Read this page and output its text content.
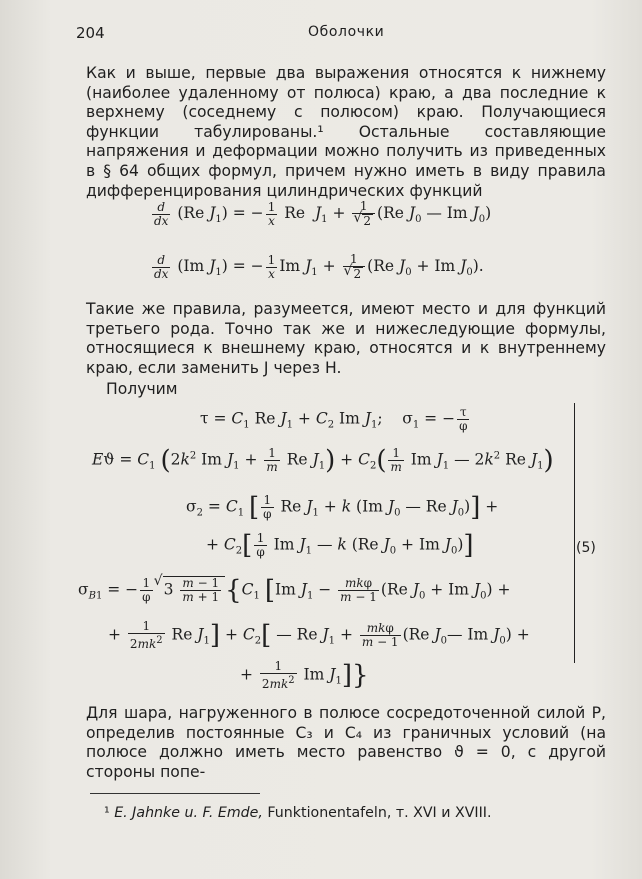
204	Оболочки
Как и выше, первые два выражения относятся к нижнему (наиболее удаленному от полюса) краю, а два последние к верхнему (соседнему с полюсом) краю. Получающиеся функции табулированы.¹ Остальные составляющие напряжения и деформации можно получить из приведенных в § 64 общих формул, причем нужно иметь в виду правила дифференцирования цилиндрических функций
$\frac{d}{dx} (Re$ $J_1$) = − $\frac{1}{x}$ Re  $J_1 + 1$
√ 2 (Re $J_0$ — Im $J_0$)
$\frac{d}{dx} (Im$ $J_1$) = − $\frac{1}{x}$ Im $J_1 + 1$
√ 2 (Re $J_0 + Im$ $J_0$).
Такие же правила, разумеется, имеют место и для функций третьего рода. Точно так же и нижеследующие формулы, относящиеся к внешнему краю, относятся и к внутреннему краю, если заменить J через H.
Получим
$\tau = C_1$ Re $J_1 + C_2$ Im $J_1$;    $\sigma_1$ = − $\frac{\tau}{\varphi}$
$Eϑ = C_1$ ($2k^2$ Im $J_1 + \frac{1}{m}$ Re $J_1) + C_2( \frac{1}{m}$ Im $J_1$ — $2k^2$ Re $J_1$)
$\sigma_2 = C_1$ [ $\frac{1}{\varphi}$ Re $J_1 + k$ (Im $J_0$ — Re $J_0$)] +
+ $C_2[ \frac{1}{\varphi}$ Im $J_1$ — k (Re $J_0 + Im$ $J_0$)]
$\sigma_{B1}$ = − $\frac{1}{\varphi}$
√ $3 \frac{m - 1}{m + 1} \{C_1$ [Im $J_1 - \frac{\text{mkφ}}{m - 1} (Re$ $J_0 + Im$ $J_0$) +
+ $\frac{1}{2mk^2}$ Re $J_1] + C_2$[ — Re $J_1 + \frac{\text{mkφ}}{m - 1} (Re$ $J_0—$ Im $J_0$) +
+ $\frac{1}{2mk^2}$ Im $J_1$]}
(5)
Для шара, нагруженного в полюсе сосредоточенной силой P, определив постоянные C₃ и C₄ из граничных условий (на полюсе должно иметь место равенство ϑ = 0, с другой стороны попе-
¹ E. Jahnke u. F. Emde, Funktionentafeln, т. XVI и XVIII.
